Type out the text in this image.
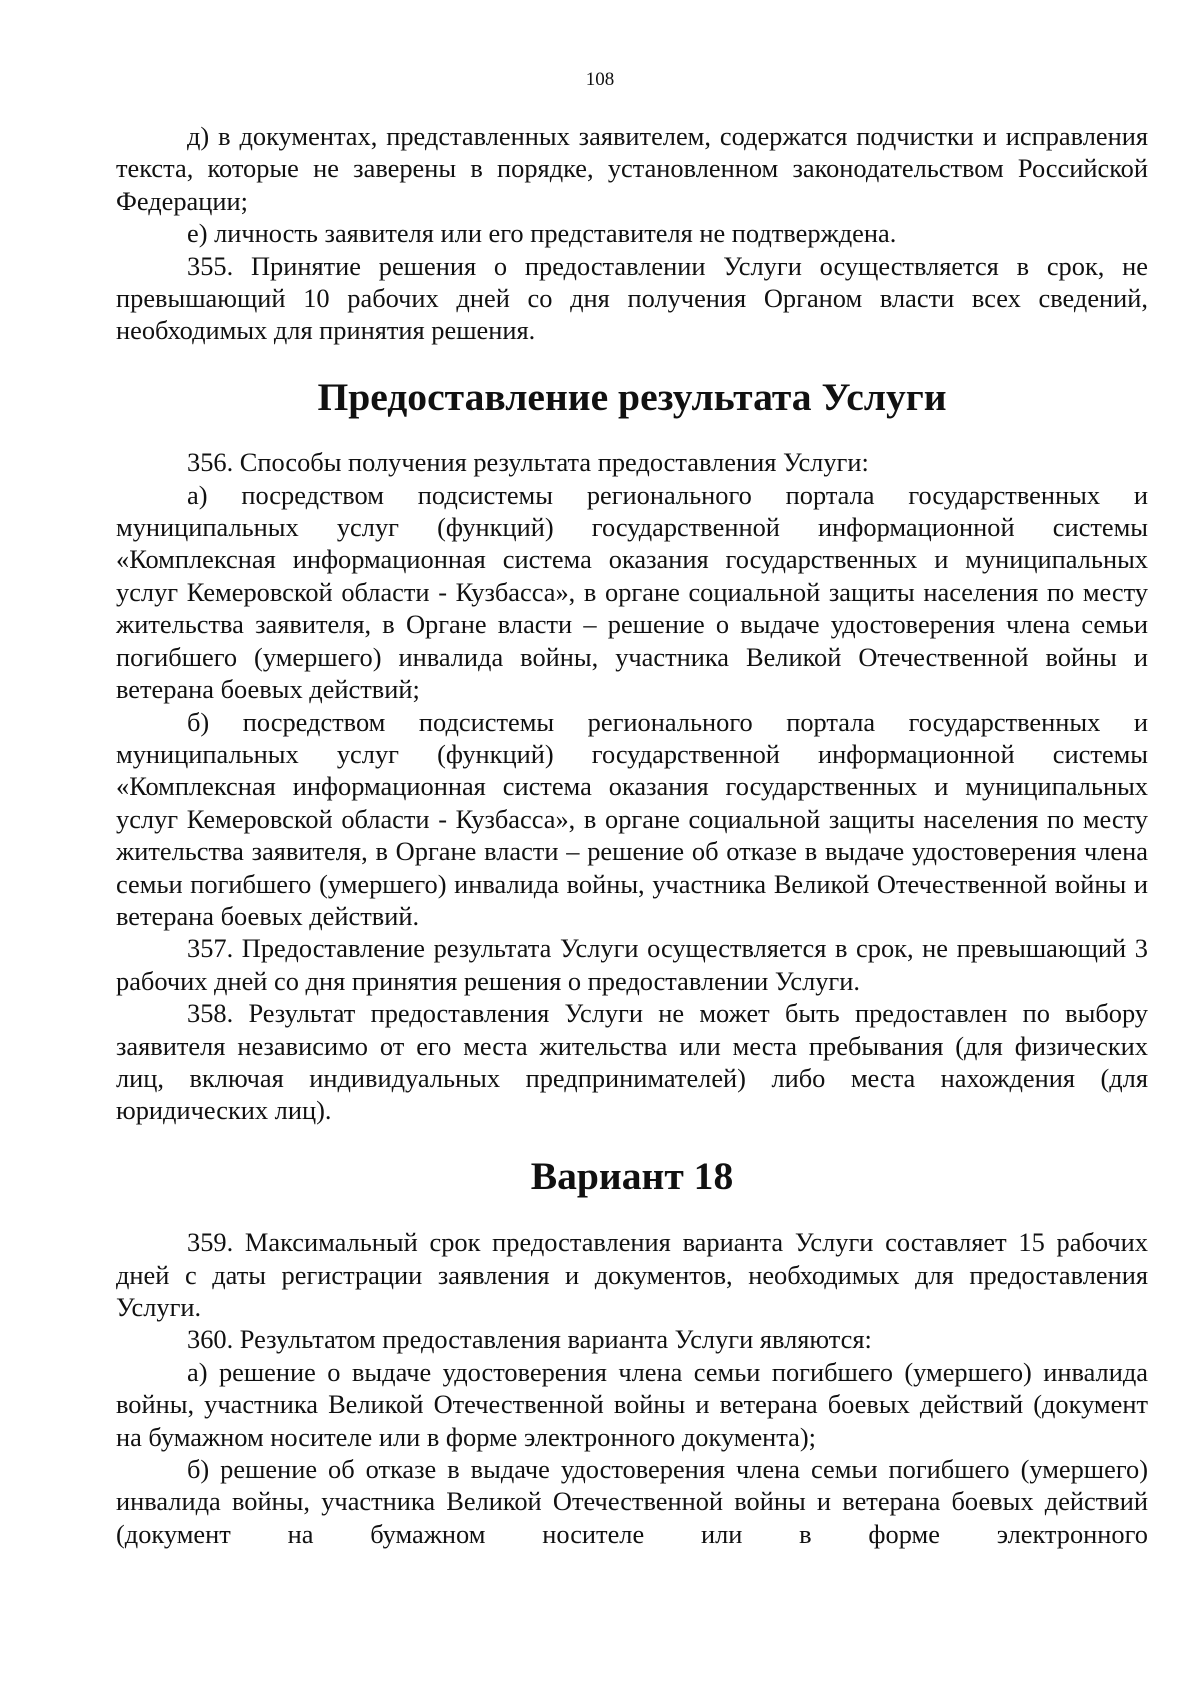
108

д) в документах, представленных заявителем, содержатся подчистки и исправления текста, которые не заверены в порядке, установленном законодательством Российской Федерации;

е) личность заявителя или его представителя не подтверждена.

355. Принятие решения о предоставлении Услуги осуществляется в срок, не превышающий 10 рабочих дней со дня получения Органом власти всех сведений, необходимых для принятия решения.

Предоставление результата Услуги

356. Способы получения результата предоставления Услуги:

а) посредством подсистемы регионального портала государственных и муниципальных услуг (функций) государственной информационной системы «Комплексная информационная система оказания государственных и муниципальных услуг Кемеровской области - Кузбасса», в органе социальной защиты населения по месту жительства заявителя, в Органе власти – решение о выдаче удостоверения члена семьи погибшего (умершего) инвалида войны, участника Великой Отечественной войны и ветерана боевых действий;

б) посредством подсистемы регионального портала государственных и муниципальных услуг (функций) государственной информационной системы «Комплексная информационная система оказания государственных и муниципальных услуг Кемеровской области - Кузбасса», в органе социальной защиты населения по месту жительства заявителя, в Органе власти – решение об отказе в выдаче удостоверения члена семьи погибшего (умершего) инвалида войны, участника Великой Отечественной войны и ветерана боевых действий.

357. Предоставление результата Услуги осуществляется в срок, не превышающий 3 рабочих дней со дня принятия решения о предоставлении Услуги.

358. Результат предоставления Услуги не может быть предоставлен по выбору заявителя независимо от его места жительства или места пребывания (для физических лиц, включая индивидуальных предпринимателей) либо места нахождения (для юридических лиц).

Вариант 18

359. Максимальный срок предоставления варианта Услуги составляет 15 рабочих дней с даты регистрации заявления и документов, необходимых для предоставления Услуги.

360. Результатом предоставления варианта Услуги являются:

а) решение о выдаче удостоверения члена семьи погибшего (умершего) инвалида войны, участника Великой Отечественной войны и ветерана боевых действий (документ на бумажном носителе или в форме электронного документа);

б) решение об отказе в выдаче удостоверения члена семьи погибшего (умершего) инвалида войны, участника Великой Отечественной войны и ветерана боевых действий (документ на бумажном носителе или в форме электронного
